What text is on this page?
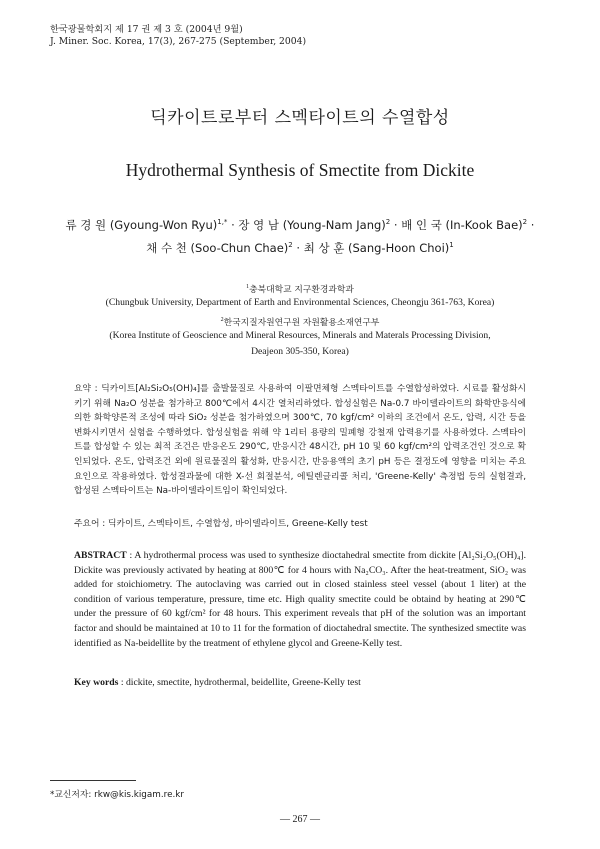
한국광물학회지 제 17 권 제 3 호 (2004년 9월)
J. Miner. Soc. Korea, 17(3), 267-275 (September, 2004)
딕카이트로부터 스멕타이트의 수열합성
Hydrothermal Synthesis of Smectite from Dickite
류 경 원 (Gyoung-Won Ryu)$^{1,*}$ · 장 영 남 (Young-Nam Jang)$^2$ · 배 인 국 (In-Kook Bae)$^2$ ·
채 수 천 (Soo-Chun Chae)$^2$ · 최 상 훈 (Sang-Hoon Choi)$^1$
$^1$충북대학교 지구환경과학과
(Chungbuk University, Department of Earth and Environmental Sciences, Cheongju 361-763, Korea)
$^2$한국지질자원연구원 자원활용소재연구부
(Korea Institute of Geoscience and Mineral Resources, Minerals and Materals Processing Division,
Deajeon 305-350, Korea)
요약 : 딕카이트[Al₂Si₂O₅(OH)₄]를 출발물질로 사용하여 이팔면체형 스멕타이트를 수열합성하였다. 시료를 활성화시키기 위해 Na₂O 성분을 첨가하고 800℃에서 4시간 열처리하였다. 합성실험은 Na-0.7 바이델라이트의 화학반응식에 의한 화학양론적 조성에 따라 SiO₂ 성분을 첨가하였으며 300℃, 70 kgf/cm² 이하의 조건에서 온도, 압력, 시간 등을 변화시키면서 실험을 수행하였다. 합성실험을 위해 약 1리터 용량의 밀폐형 강철재 압력용기를 사용하였다. 스멕타이트를 합성할 수 있는 최적 조건은 반응온도 290℃, 반응시간 48시간, pH 10 및 60 kgf/cm²의 압력조건인 것으로 확인되었다. 온도, 압력조건 외에 원료물질의 활성화, 반응시간, 반응용액의 초기 pH 등은 결정도에 영향을 미치는 주요 요인으로 작용하였다. 합성결과물에 대한 X-선 회절분석, 에틸렌글리콜 처리, 'Greene-Kelly' 측정법 등의 실험결과, 합성된 스멕타이트는 Na-바이델라이트임이 확인되었다.
주요어 : 딕카이트, 스멕타이트, 수열합성, 바이델라이트, Greene-Kelly test
ABSTRACT : A hydrothermal process was used to synthesize dioctahedral smectite from dickite [Al₂Si₂O₅(OH)₄]. Dickite was previously activated by heating at 800℃ for 4 hours with Na₂CO₃. After the heat-treatment, SiO₂ was added for stoichiometry. The autoclaving was carried out in closed stainless steel vessel (about 1 liter) at the condition of various temperature, pressure, time etc. High quality smectite could be obtaind by heating at 290℃ under the pressure of 60 kgf/cm² for 48 hours. This experiment reveals that pH of the solution was an important factor and should be maintained at 10 to 11 for the formation of dioctahedral smectite. The synthesized smectite was identified as Na-beidellite by the treatment of ethylene glycol and Greene-Kelly test.
Key words : dickite, smectite, hydrothermal, beidellite, Greene-Kelly test
*교신저자: rkw@kis.kigam.re.kr
— 267 —
